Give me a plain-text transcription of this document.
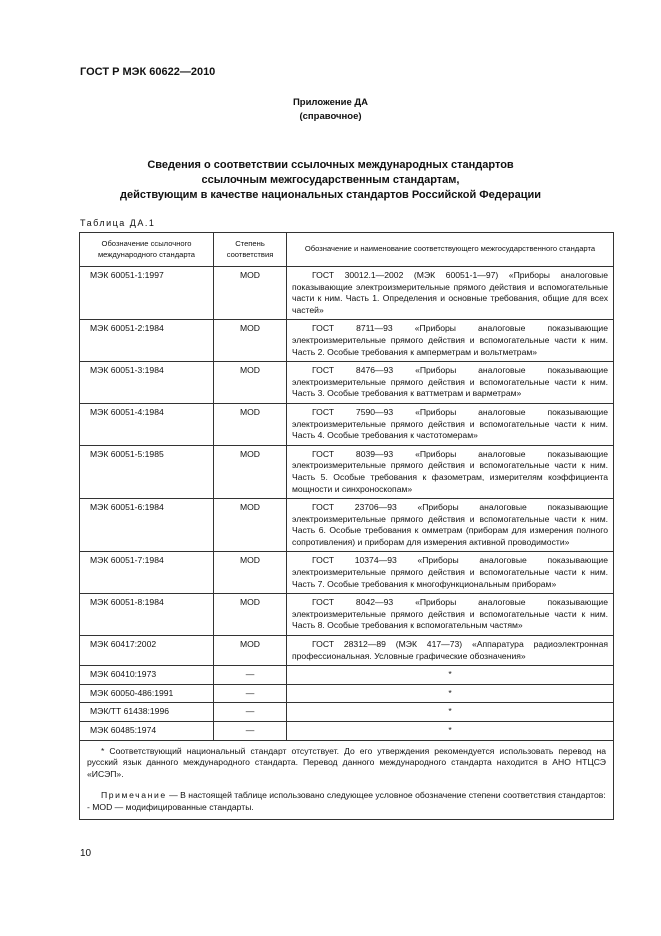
ГОСТ Р МЭК 60622—2010
Приложение ДА
(справочное)
Сведения о соответствии ссылочных международных стандартов
ссылочным межгосударственным стандартам,
действующим в качестве национальных стандартов Российской Федерации
Таблица ДА.1
Обозначение ссылочного международного стандарта	Степень соответствия	Обозначение и наименование соответствующего межгосударственного стандарта
МЭК 60051-1:1997	MOD	ГОСТ 30012.1—2002 (МЭК 60051-1—97) «Приборы аналоговые показывающие электроизмерительные прямого действия и вспомогательные части к ним. Часть 1. Определения и основные требования, общие для всех частей»
МЭК 60051-2:1984	MOD	ГОСТ 8711—93 «Приборы аналоговые показывающие электроизмерительные прямого действия и вспомогательные части к ним. Часть 2. Особые требования к амперметрам и вольтметрам»
МЭК 60051-3:1984	MOD	ГОСТ 8476—93 «Приборы аналоговые показывающие электроизмерительные прямого действия и вспомогательные части к ним. Часть 3. Особые требования к ваттметрам и варметрам»
МЭК 60051-4:1984	MOD	ГОСТ 7590—93 «Приборы аналоговые показывающие электроизмерительные прямого действия и вспомогательные части к ним. Часть 4. Особые требования к частотомерам»
МЭК 60051-5:1985	MOD	ГОСТ 8039—93 «Приборы аналоговые показывающие электроизмерительные прямого действия и вспомогательные части к ним. Часть 5. Особые требования к фазометрам, измерителям коэффициента мощности и синхроноскопам»
МЭК 60051-6:1984	MOD	ГОСТ 23706—93 «Приборы аналоговые показывающие электроизмерительные прямого действия и вспомогательные части к ним. Часть 6. Особые требования к омметрам (приборам для измерения полного сопротивления) и приборам для измерения активной проводимости»
МЭК 60051-7:1984	MOD	ГОСТ 10374—93 «Приборы аналоговые показывающие электроизмерительные прямого действия и вспомогательные части к ним. Часть 7. Особые требования к многофункциональным приборам»
МЭК 60051-8:1984	MOD	ГОСТ 8042—93 «Приборы аналоговые показывающие электроизмерительные прямого действия и вспомогательные части к ним. Часть 8. Особые требования к вспомогательным частям»
МЭК 60417:2002	MOD	ГОСТ 28312—89 (МЭК 417—73) «Аппаратура радиоэлектронная профессиональная. Условные графические обозначения»
МЭК 60410:1973	—	*
МЭК 60050-486:1991	—	*
МЭК/ТТ 61438:1996	—	*
МЭК 60485:1974	—	*

* Соответствующий национальный стандарт отсутствует. До его утверждения рекомендуется использовать перевод на русский язык данного международного стандарта. Перевод данного международного стандарта находится в АНО НТЦСЭ «ИСЭП».

Примечание — В настоящей таблице использовано следующее условное обозначение степени соответствия стандартов:

- MOD — модифицированные стандарты.		

10
